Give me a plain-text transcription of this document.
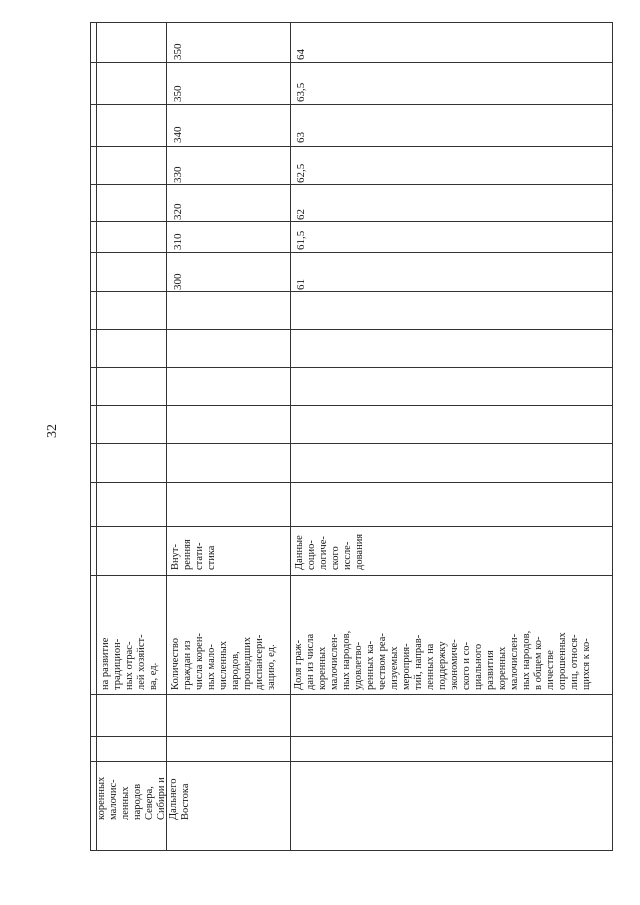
32
коренных
малочис-
ленных
народов
Севера,
Сибири и
Дальнего
Востока
на развитие
традицион-
ных отрас-
лей хозяйст-
ва, ед. Количество
граждан из
числа корен-
ных мало-
численных
народов,
прошедших
диспансери-
зацию, ед.
Внут-
ренняя
стати-
стика
Доля граж-
дан из числа
коренных
малочислен-
ных народов,
удовлетво-
ренных ка-
чеством реа-
лизуемых
мероприя-
тий, направ-
ленных на
поддержку
экономиче-
ского и со-
циального
развития
коренных
малочислен-
ных народов,
в общем ко-
личестве
опрошенных
лиц, относя-
щихся к ко-
Данные
социо-
логиче-
ского
иссле-
дования
300
310
320
330
340
350
350
61
61,5
62
62,5
63
63,5
64
